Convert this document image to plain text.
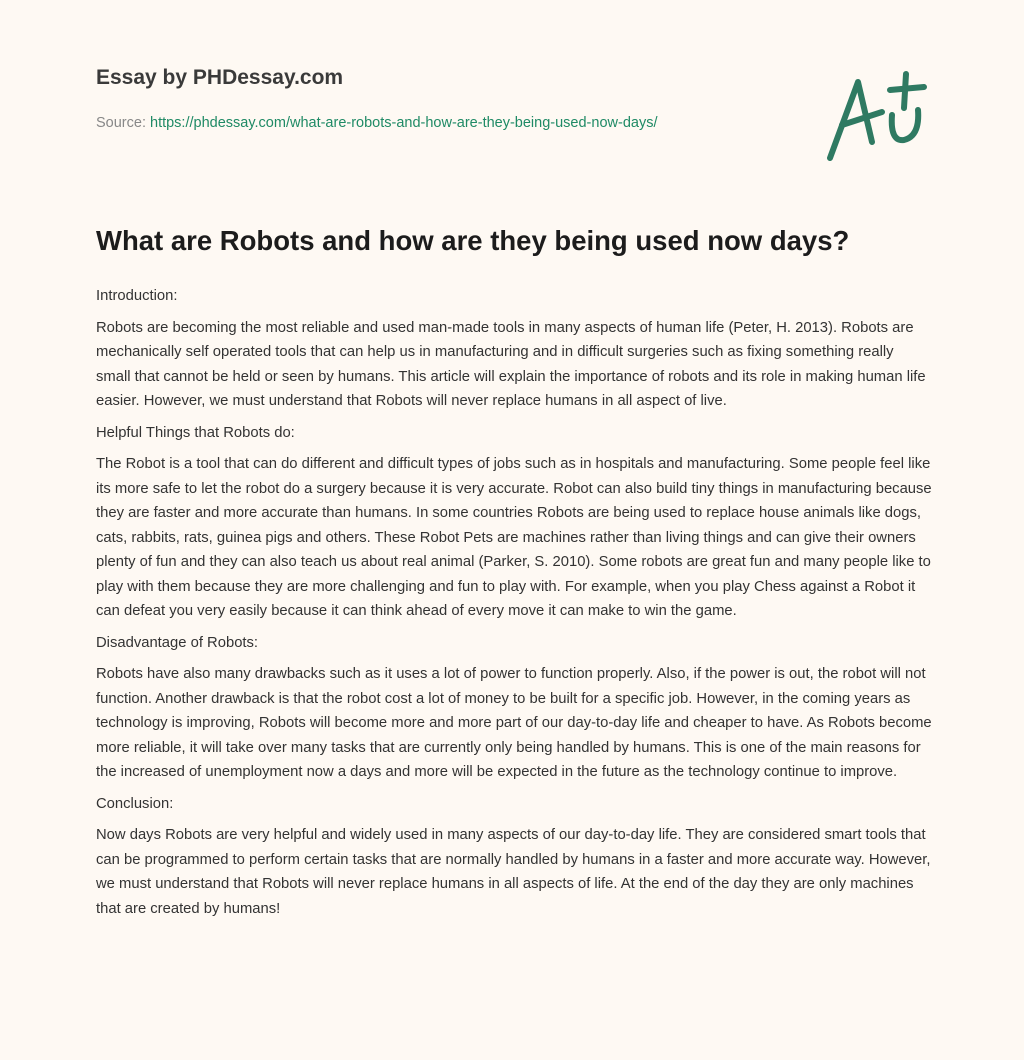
Essay by PHDessay.com
Source: https://phdessay.com/what-are-robots-and-how-are-they-being-used-now-days/
What are Robots and how are they being used now days?

Introduction:

Robots are becoming the most reliable and used man-made tools in many aspects of human life (Peter, H. 2013). Robots are mechanically self operated tools that can help us in manufacturing and in difficult surgeries such as fixing something really small that cannot be held or seen by humans. This article will explain the importance of robots and its role in making human life easier. However, we must understand that Robots will never replace humans in all aspect of live.

Helpful Things that Robots do:

The Robot is a tool that can do different and difficult types of jobs such as in hospitals and manufacturing. Some people feel like its more safe to let the robot do a surgery because it is very accurate. Robot can also build tiny things in manufacturing because they are faster and more accurate than humans. In some countries Robots are being used to replace house animals like dogs, cats, rabbits, rats, guinea pigs and others. These Robot Pets are machines rather than living things and can give their owners plenty of fun and they can also teach us about real animal (Parker, S. 2010). Some robots are great fun and many people like to play with them because they are more challenging and fun to play with. For example, when you play Chess against a Robot it can defeat you very easily because it can think ahead of every move it can make to win the game.

Disadvantage of Robots:

Robots have also many drawbacks such as it uses a lot of power to function properly. Also, if the power is out, the robot will not function. Another drawback is that the robot cost a lot of money to be built for a specific job. However, in the coming years as technology is improving, Robots will become more and more part of our day-to-day life and cheaper to have. As Robots become more reliable, it will take over many tasks that are currently only being handled by humans. This is one of the main reasons for the increased of unemployment now a days and more will be expected in the future as the technology continue to improve.

Conclusion:

Now days Robots are very helpful and widely used in many aspects of our day-to-day life. They are considered smart tools that can be programmed to perform certain tasks that are normally handled by humans in a faster and more accurate way. However, we must understand that Robots will never replace humans in all aspects of life. At the end of the day they are only machines that are created by humans!
